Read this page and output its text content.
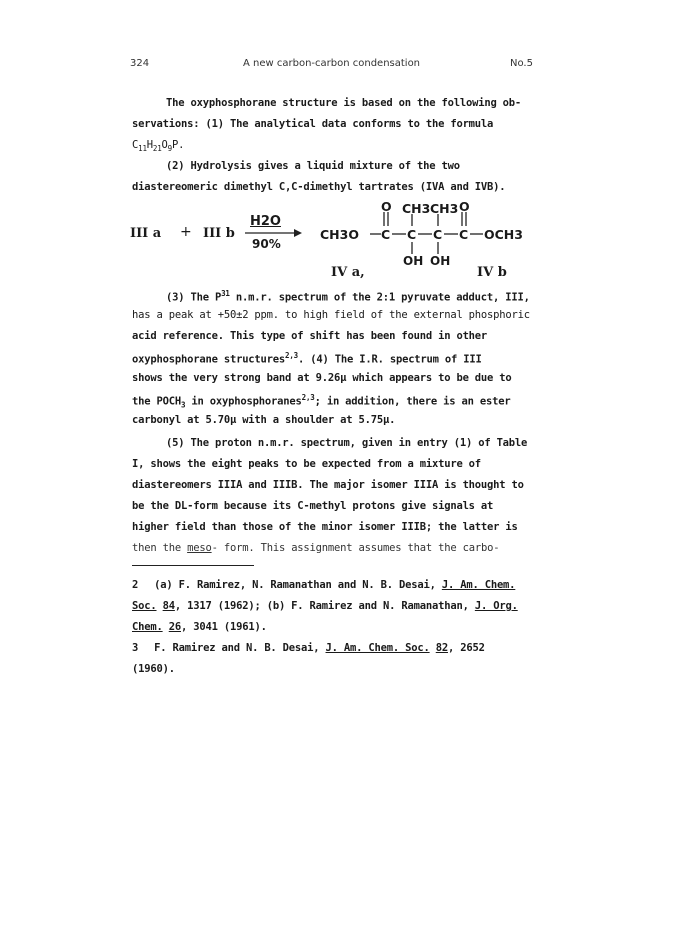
324	A new carbon-carbon condensation	No.5
The oxyphosphorane structure is based on the following ob-
servations: (1) The analytical data conforms to the formula
$C_{11}H_{21}O_9P$.
(2) Hydrolysis gives a liquid mixture of the two
diastereomeric dimethyl C,C-dimethyl tartrates (IVA and IVB).
III a + III b
H2O
90%
CH3O C C C C OCH3
O	O
CH3 CH3
OH OH
IV a,	IV b
(3) The $P^{31}$ n.m.r. spectrum of the 2:1 pyruvate adduct, III,
has a peak at +50±2 ppm. to high field of the external phosphoric
acid reference. This type of shift has been found in other
oxyphosphorane structures$^{2,3}$. (4) The I.R. spectrum of III
shows the very strong band at 9.26μ which appears to be due to
the $POCH_3$ in oxyphosphoranes$^{2,3}$; in addition, there is an ester
carbonyl at 5.70μ with a shoulder at 5.75μ.
(5) The proton n.m.r. spectrum, given in entry (1) of Table
I, shows the eight peaks to be expected from a mixture of
diastereomers IIIA and IIIB. The major isomer IIIA is thought to
be the DL-form because its C-methyl protons give signals at
higher field than those of the minor isomer IIIB; the latter is
then the meso- form. This assignment assumes that the carbo-
2 (a) F. Ramirez, N. Ramanathan and N. B. Desai, J. Am. Chem.
Soc. 84, 1317 (1962); (b) F. Ramirez and N. Ramanathan, J. Org.
Chem. 26, 3041 (1961).
3 F. Ramirez and N. B. Desai, J. Am. Chem. Soc. 82, 2652
(1960).
